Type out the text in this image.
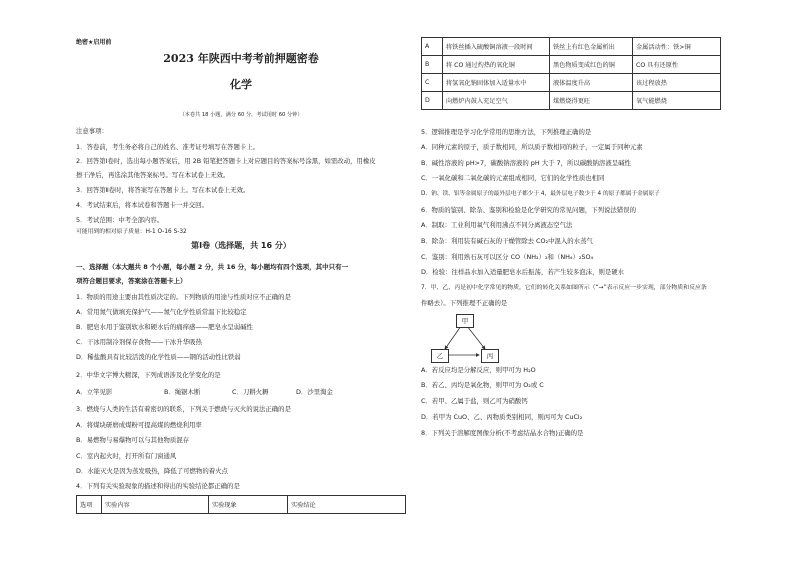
绝密★启用前
2023 年陕西中考考前押题密卷
化学
（本卷共 18 小题，满分 60 分，考试用时 60 分钟）
注意事项：
1．答卷前，考生务必将自己的姓名、准考证号填写在答题卡上。
2．回答第Ⅰ卷时，选出每小题答案后，用 2B 铅笔把答题卡上对应题目的答案标号涂黑，如需改动，用橡皮
擦干净后，再选涂其他答案标号。写在本试卷上无效。
3．回答第Ⅱ卷时，将答案写在答题卡上。写在本试卷上无效。
4．考试结束后，将本试卷和答题卡一并交回。
5．考试范围：中考全部内容。
可能用到的相对原子质量：H-1 O-16 S-32
第Ⅰ卷（选择题，共 16 分）
一、选择题（本大题共 8 个小题，每小题 2 分，共 16 分，每小题均有四个选项，其中只有一
项符合题目要求，答案涂在答题卡上）
1．物质的用途主要由其性质决定的。下列物质的用途与性质对应不正确的是
A．常用氮气做填充保护气——氮气化学性质常温下比较稳定
B．肥皂水用于鉴别软水和硬水后的痛痒感——肥皂水呈弱碱性
C．干冰用制冷剂保存食物——干冰升华吸热
D．稀盐酸具有比较活泼的化学性质——钢的活动性比铁弱
2．中华文字博大精深，下列成语涉及化学变化的是
A．立竿见影	B．绳锯木断	C．刀耕火耨	D．沙里淘金
3．燃烧与人类的生活有着密切的联系，下列关于燃烧与灭火的说法正确的是
A．将煤块研磨成煤粉可提高煤的燃烧利用率
B．易燃物与易爆物可以与其他物质混存
C．室内起火时，打开所有门窗通风
D．水能灭火是因为蒸发吸热，降低了可燃物的着火点
4．下列有关实验现象的描述和得出的实验结论都正确的是
选项	实验内容	实验现象	实验结论
A	将铁丝插入硫酸铜溶液一段时间	铁丝上有红色金属析出	金属活动性：铁>铜
B	将 CO 通过灼热的氧化铜	黑色物质变成红色的铜	CO 具有还原性
C	将氢氧化钠固体加入适量水中	液体温度升高	该过程放热
D	向燃炉内鼓入充足空气	煤燃烧得更旺	氧气能燃烧
5．逻辑推理是学习化学常用的思维方法，下列推理正确的是
A．同种元素的原子，质子数相同，所以质子数相同的粒子，一定属于同种元素
B．碱性溶液的 pH>7，碳酸钠溶液的 pH 大于 7，所以碳酸钠溶液呈碱性
C．一氧化碳和二氧化碳的元素组成相同，它们的化学性质也相同
D．钠、镁、铝等金属原子的最外层电子都少于 4，最外层电子数少于 4 的原子都属于金属原子
6．物质的鉴别、除杂、鉴别和检验是化学研究的常见问题，下列说法错误的
A．制取：工业利用氧气利用沸点不同分离液态空气法
B．除杂：利用装有碱石灰的干燥管除去 CO₂中混入的水蒸气
C．鉴别：利用熟石灰可以区分 CO（NH₂）₂和（NH₄）₂SO₄
D．检验：往样品水加入适量肥皂水后振荡，若产生较多泡沫，则是硬水
7．甲、乙、丙是初中化学常见的物质，它们的转化关系如图所示（“→”表示反应一步实现，部分物质和反应条
件略去）。下列推理不正确的是
甲
乙	丙
A．若反应均是分解反应，则甲可为 H₂O
B．若乙、丙均是氧化物，则甲可为 O₂或 C
C．若甲、乙属于盐，则乙可为硝酸钙
D．若甲为 CuO、乙、丙物质类别相同，则丙可为 CuCl₂
8．下列关于溶解度图像分析(不考虑结晶水合物)正确的是
